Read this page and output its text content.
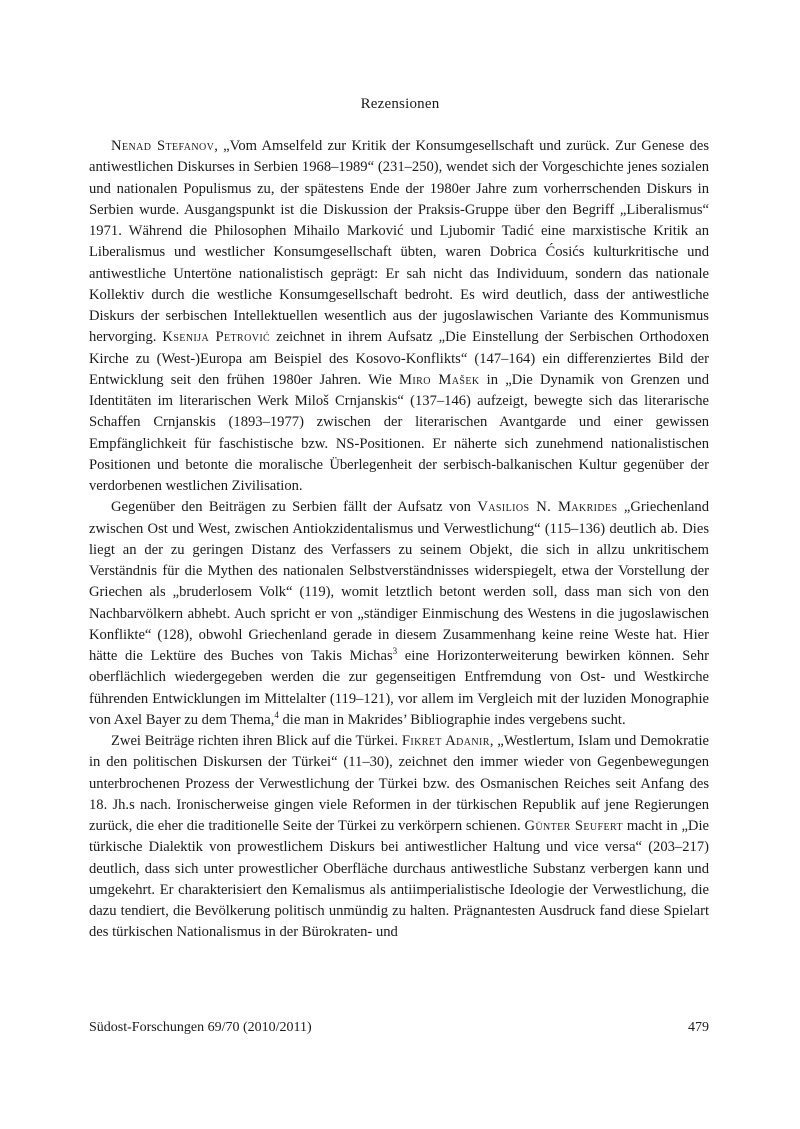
Rezensionen

Nenad Stefanov, „Vom Amselfeld zur Kritik der Konsumgesellschaft und zurück. Zur Genese des antiwestlichen Diskurses in Serbien 1968–1989“ (231–250), wendet sich der Vorgeschichte jenes sozialen und nationalen Populismus zu, der spätestens Ende der 1980er Jahre zum vorherrschenden Diskurs in Serbien wurde. Ausgangspunkt ist die Diskussion der Praksis-Gruppe über den Begriff „Liberalismus“ 1971. Während die Philosophen Mihailo Marković und Ljubomir Tadić eine marxistische Kritik an Liberalismus und westlicher Konsumgesellschaft übten, waren Dobrica Ćosićs kulturkritische und antiwestliche Untertöne nationalistisch geprägt: Er sah nicht das Individuum, sondern das nationale Kollektiv durch die westliche Konsumgesellschaft bedroht. Es wird deutlich, dass der antiwestliche Diskurs der serbischen Intellektuellen wesentlich aus der jugoslawischen Variante des Kommunismus hervorging. Ksenija Petrović zeichnet in ihrem Aufsatz „Die Einstellung der Serbischen Orthodoxen Kirche zu (West-)Europa am Beispiel des Kosovo-Konflikts“ (147–164) ein differenziertes Bild der Entwicklung seit den frühen 1980er Jahren. Wie Miro Mašek in „Die Dynamik von Grenzen und Identitäten im literarischen Werk Miloš Crnjanskis“ (137–146) aufzeigt, bewegte sich das literarische Schaffen Crnjanskis (1893–1977) zwischen der literarischen Avantgarde und einer gewissen Empfänglichkeit für faschistische bzw. NS-Positionen. Er näherte sich zunehmend nationalistischen Positionen und betonte die moralische Überlegenheit der serbisch-balkanischen Kultur gegenüber der verdorbenen westlichen Zivilisation.

Gegenüber den Beiträgen zu Serbien fällt der Aufsatz von Vasilios N. Makrides „Griechenland zwischen Ost und West, zwischen Antiokzidentalismus und Verwestlichung“ (115–136) deutlich ab. Dies liegt an der zu geringen Distanz des Verfassers zu seinem Objekt, die sich in allzu unkritischem Verständnis für die Mythen des nationalen Selbstverständnisses widerspiegelt, etwa der Vorstellung der Griechen als „bruderlosem Volk“ (119), womit letztlich betont werden soll, dass man sich von den Nachbarvölkern abhebt. Auch spricht er von „ständiger Einmischung des Westens in die jugoslawischen Konflikte“ (128), obwohl Griechenland gerade in diesem Zusammenhang keine reine Weste hat. Hier hätte die Lektüre des Buches von Takis Michas$^3$ eine Horizonterweiterung bewirken können. Sehr oberflächlich wiedergegeben werden die zur gegenseitigen Entfremdung von Ost- und Westkirche führenden Entwicklungen im Mittelalter (119–121), vor allem im Vergleich mit der luziden Monographie von Axel Bayer zu dem Thema,$^4$ die man in Makrides’ Bibliographie indes vergebens sucht.

Zwei Beiträge richten ihren Blick auf die Türkei. Fikret Adanir, „Westlertum, Islam und Demokratie in den politischen Diskursen der Türkei“ (11–30), zeichnet den immer wieder von Gegenbewegungen unterbrochenen Prozess der Verwestlichung der Türkei bzw. des Osmanischen Reiches seit Anfang des 18. Jh.s nach. Ironischerweise gingen viele Reformen in der türkischen Republik auf jene Regierungen zurück, die eher die traditionelle Seite der Türkei zu verkörpern schienen. Günter Seufert macht in „Die türkische Dialektik von prowestlichem Diskurs bei antiwestlicher Haltung und vice versa“ (203–217) deutlich, dass sich unter prowestlicher Oberfläche durchaus antiwestliche Substanz verbergen kann und umgekehrt. Er charakterisiert den Kemalismus als antiimperialistische Ideologie der Verwestlichung, die dazu tendiert, die Bevölkerung politisch unmündig zu halten. Prägnantesten Ausdruck fand diese Spielart des türkischen Nationalismus in der Bürokraten- und

Südost-Forschungen 69/70 (2010/2011)	479
